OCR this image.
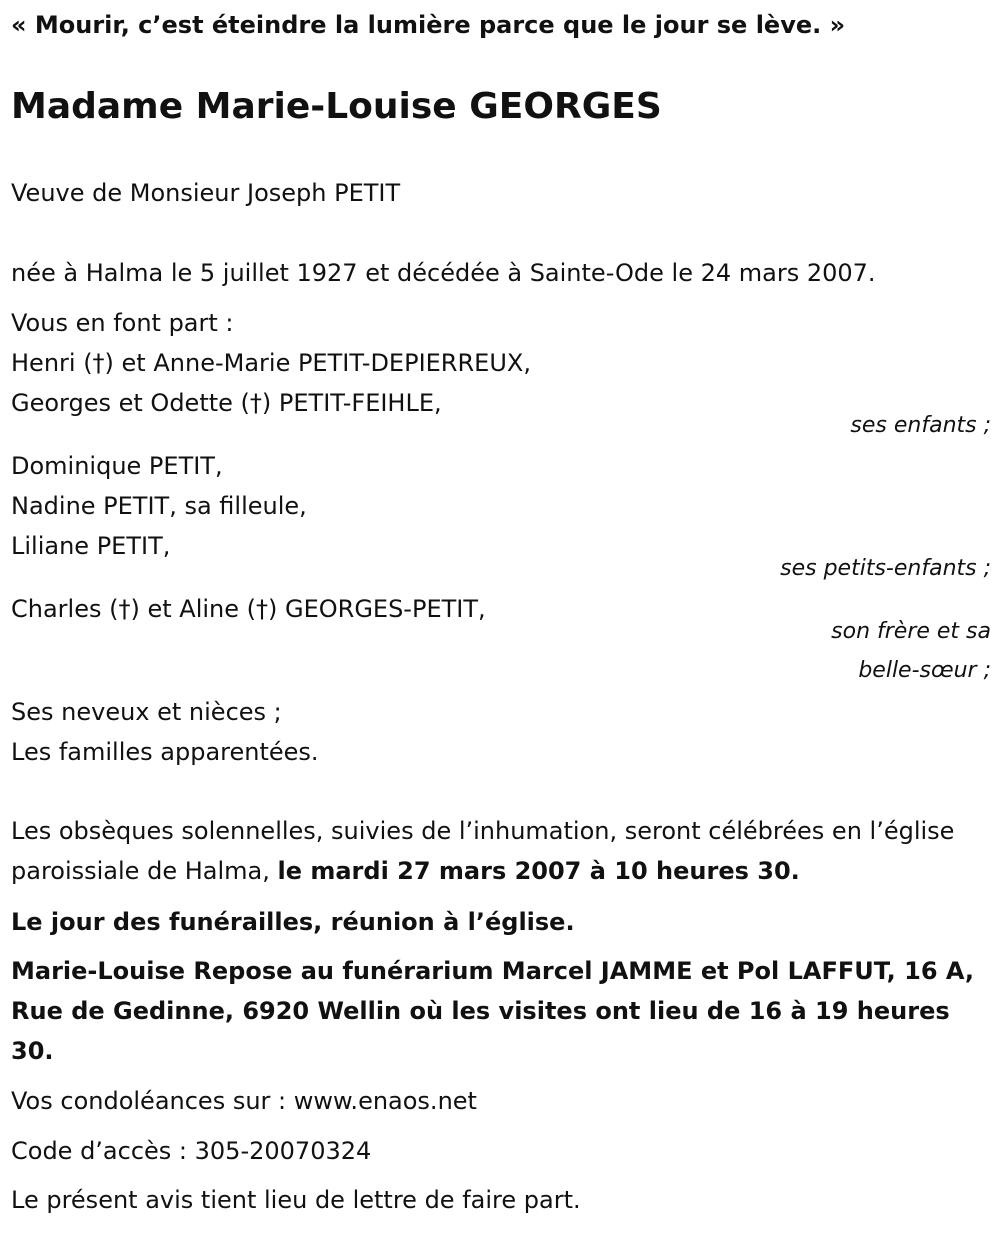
« Mourir, c’est éteindre la lumière parce que le jour se lève. »
Madame Marie-Louise GEORGES
Veuve de Monsieur Joseph PETIT
née à Halma le 5 juillet 1927 et décédée à Sainte-Ode le 24 mars 2007.
Vous en font part :
Henri (†) et Anne-Marie PETIT-DEPIERREUX,
Georges et Odette (†) PETIT-FEIHLE,
ses enfants ;
Dominique PETIT,
Nadine PETIT, sa filleule,
Liliane PETIT,
ses petits-enfants ;
Charles (†) et Aline (†) GEORGES-PETIT,
son frère et sa
belle-sœur ;
Ses neveux et nièces ;
Les familles apparentées.
Les obsèques solennelles, suivies de l’inhumation, seront célébrées en l’église paroissiale de Halma, le mardi 27 mars 2007 à 10 heures 30.
Le jour des funérailles, réunion à l’église.
Marie-Louise Repose au funérarium Marcel JAMME et Pol LAFFUT, 16 A, Rue de Gedinne, 6920 Wellin où les visites ont lieu de 16 à 19 heures 30.
Vos condoléances sur : www.enaos.net
Code d’accès : 305-20070324
Le présent avis tient lieu de lettre de faire part.
